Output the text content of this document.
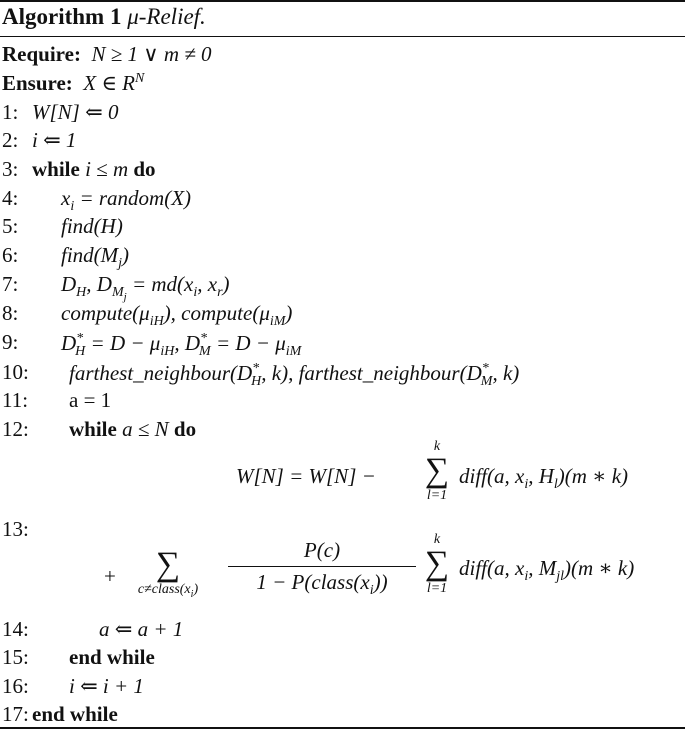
Algorithm 1 μ-Relief.
Require: N ≥ 1 ∨ m ≠ 0
Ensure: X ∈ $R^N$
1:
2:
3:
4:
5:
6:
7:
8:
9:
10:
11:
12:
13:
14:
15:
16:
17:
W[N] ⇐ 0
i ⇐ 1
while i ≤ m do
$x_i$ = random(X)
find(H)
$find(M_j)$
$D_H$, $D_{M_j} = md(x_i$, $x_r$)
$compute(\mu_{iH})$, $compute(\mu_{iM})$
$D^*_H = D - \mu_{iH}$, $D^*_M = D - \mu_{iM}$
$farthest\_neighbour(D^*_H$, k), $farthest\_neighbour(D^*_M$, k)
a = 1
while a ≤ N do
W[N] = W[N] −
k
∑
l=1
diff(a, $x_i$, $H_l)(m$ ∗ k)
+	∑
$c\ne class(x_i)$
P(c)
$1 - P(class(x_i))$
k
∑
l=1
diff(a, $x_i$, $M_{jl})(m$ ∗ k)
a ⇐ a + 1
end while
i ⇐ i + 1
end while
